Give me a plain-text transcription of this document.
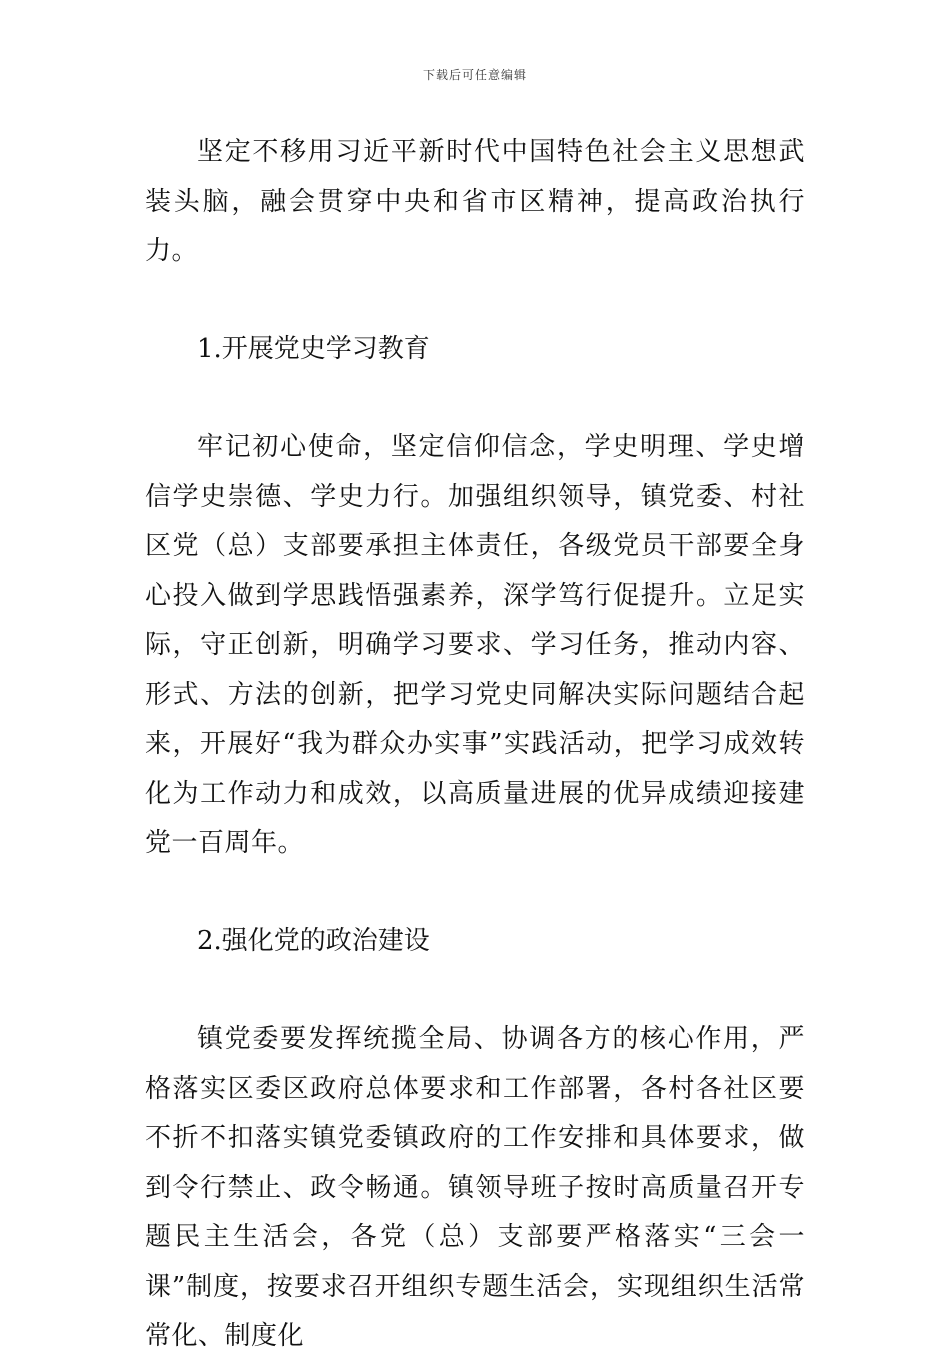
下载后可任意编辑

坚定不移用习近平新时代中国特色社会主义思想武装头脑，融会贯穿中央和省市区精神，提高政治执行力。

1.开展党史学习教育

牢记初心使命，坚定信仰信念，学史明理、学史增信学史崇德、学史力行。加强组织领导，镇党委、村社区党（总）支部要承担主体责任，各级党员干部要全身心投入做到学思践悟强素养，深学笃行促提升。立足实际，守正创新，明确学习要求、学习任务，推动内容、形式、方法的创新，把学习党史同解决实际问题结合起来，开展好“我为群众办实事”实践活动，把学习成效转化为工作动力和成效，以高质量进展的优异成绩迎接建党一百周年。

2.强化党的政治建设

镇党委要发挥统揽全局、协调各方的核心作用，严格落实区委区政府总体要求和工作部署，各村各社区要不折不扣落实镇党委镇政府的工作安排和具体要求，做到令行禁止、政令畅通。镇领导班子按时高质量召开专题民主生活会，各党（总）支部要严格落实“三会一课”制度，按要求召开组织专题生活会，实现组织生活常常化、制度化
